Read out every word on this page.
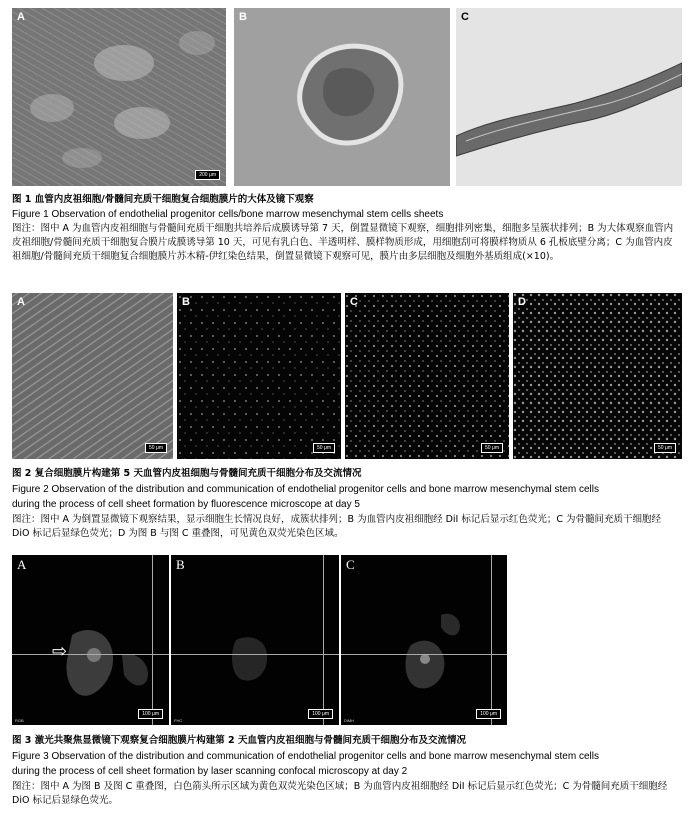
A
200 μm
B	C
图 1 血管内皮祖细胞/骨髓间充质干细胞复合细胞膜片的大体及镜下观察
Figure 1 Observation of endothelial progenitor cells/bone marrow mesenchymal stem cells sheets
图注：图中 A 为血管内皮祖细胞与骨髓间充质干细胞共培养后成膜诱导第 7 天，倒置显微镜下观察，细胞排列密集，细胞多呈簇状排列；B 为大体观察血管内皮祖细胞/骨髓间充质干细胞复合膜片成膜诱导第 10 天，可见有乳白色、半透明样、膜样物质形成，用细胞刮可将膜样物质从 6 孔板底壁分离；C 为血管内皮祖细胞/骨髓间充质干细胞复合细胞膜片苏木精-伊红染色结果，倒置显微镜下观察可见，膜片由多层细胞及细胞外基质组成(×10)。
A
50 μm
B
50 μm
C
50 μm
D
50 μm
图 2 复合细胞膜片构建第 5 天血管内皮祖细胞与骨髓间充质干细胞分布及交流情况
Figure 2 Observation of the distribution and communication of endothelial progenitor cells and bone marrow mesenchymal stem cells
during the process of cell sheet formation by fluorescence microscope at day 5
图注：图中 A 为倒置显微镜下观察结果，显示细胞生长情况良好，成簇状排列；B 为血管内皮祖细胞经 DiI 标记后显示红色荧光；C 为骨髓间充质干细胞经 DiO 标记后显绿色荧光；D 为图 B 与图 C 重叠图，可见黄色双荧光染色区域。
A
⇨
100 μm
RGB
B
100 μm
FHC
C
100 μm
DiMH
图 3 激光共聚焦显微镜下观察复合细胞膜片构建第 2 天血管内皮祖细胞与骨髓间充质干细胞分布及交流情况
Figure 3 Observation of the distribution and communication of endothelial progenitor cells and bone marrow mesenchymal stem cells
during the process of cell sheet formation by laser scanning confocal microscopy at day 2
图注：图中 A 为图 B 及图 C 重叠图，白色箭头所示区域为黄色双荧光染色区域；B 为血管内皮祖细胞经 DiI 标记后显示红色荧光；C 为骨髓间充质干细胞经 DiO 标记后显绿色荧光。
